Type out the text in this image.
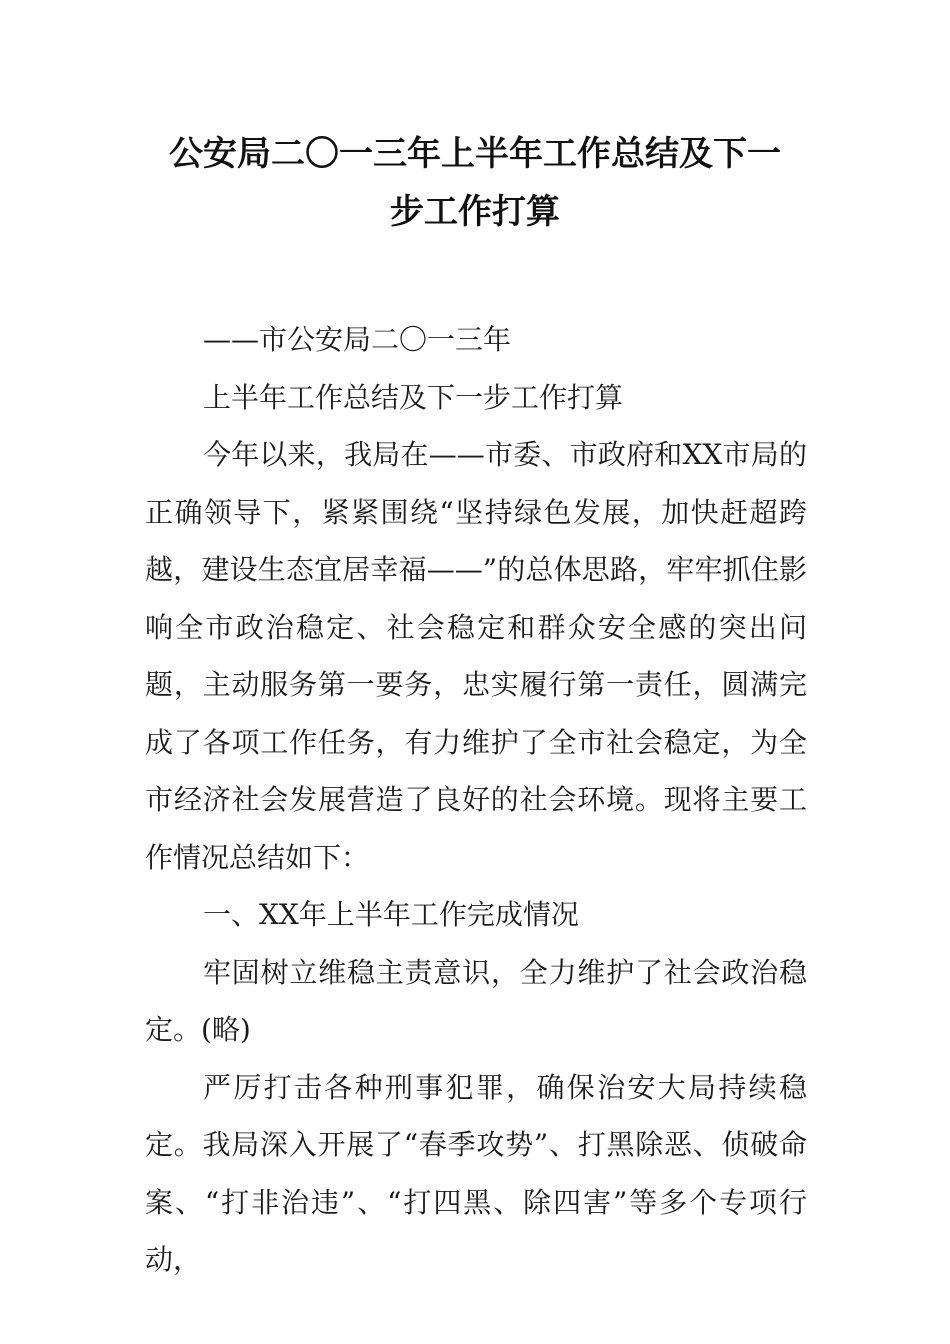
公安局二〇一三年上半年工作总结及下一
步工作打算

——市公安局二〇一三年

上半年工作总结及下一步工作打算

今年以来，我局在——市委、市政府和XX市局的正确领导下，紧紧围绕“坚持绿色发展，加快赶超跨越，建设生态宜居幸福——”的总体思路，牢牢抓住影响全市政治稳定、社会稳定和群众安全感的突出问题，主动服务第一要务，忠实履行第一责任，圆满完成了各项工作任务，有力维护了全市社会稳定，为全市经济社会发展营造了良好的社会环境。现将主要工作情况总结如下：

一、XX年上半年工作完成情况

牢固树立维稳主责意识，全力维护了社会政治稳定。(略)

严厉打击各种刑事犯罪，确保治安大局持续稳定。我局深入开展了“春季攻势”、打黑除恶、侦破命案、“打非治违”、“打四黑、除四害”等多个专项行动，
